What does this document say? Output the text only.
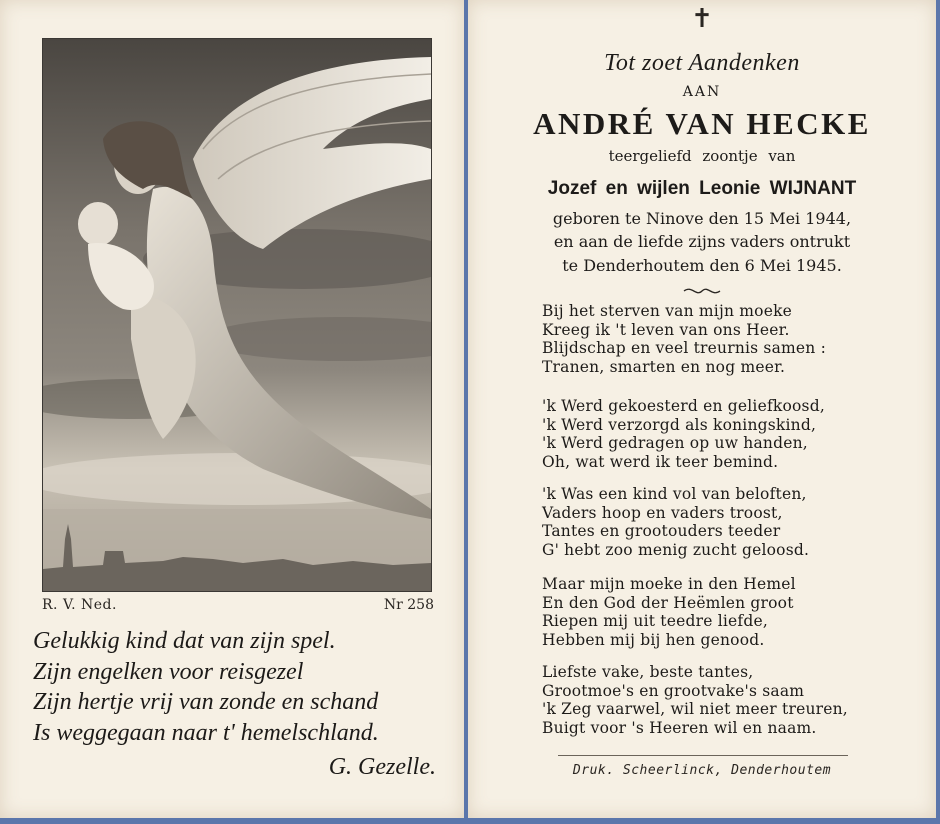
R. V. Ned.	Nr 258
Gelukkig kind dat van zijn spel.
Zijn engelken voor reisgezel
Zijn hertje vrij van zonde en schand
Is weggegaan naar t' hemelschland.
G. Gezelle.
✝
Tot zoet Aandenken
AAN
ANDRÉ VAN HECKE
teergeliefd zoontje van
Jozef en wijlen Leonie WIJNANT
geboren te Ninove den 15 Mei 1944,
en aan de liefde zijns vaders ontrukt
te Denderhoutem den 6 Mei 1945.
Bij het sterven van mijn moeke
Kreeg ik 't leven van ons Heer.
Blijdschap en veel treurnis samen :
Tranen, smarten en nog meer.
'k Werd gekoesterd en geliefkoosd,
'k Werd verzorgd als koningskind,
'k Werd gedragen op uw handen,
Oh, wat werd ik teer bemind.
'k Was een kind vol van beloften,
Vaders hoop en vaders troost,
Tantes en grootouders teeder
G' hebt zoo menig zucht geloosd.
Maar mijn moeke in den Hemel
En den God der Heëmlen groot
Riepen mij uit teedre liefde,
Hebben mij bij hen genood.
Liefste vake, beste tantes,
Grootmoe's en grootvake's saam
'k Zeg vaarwel, wil niet meer treuren,
Buigt voor 's Heeren wil en naam.
Druk. Scheerlinck, Denderhoutem
